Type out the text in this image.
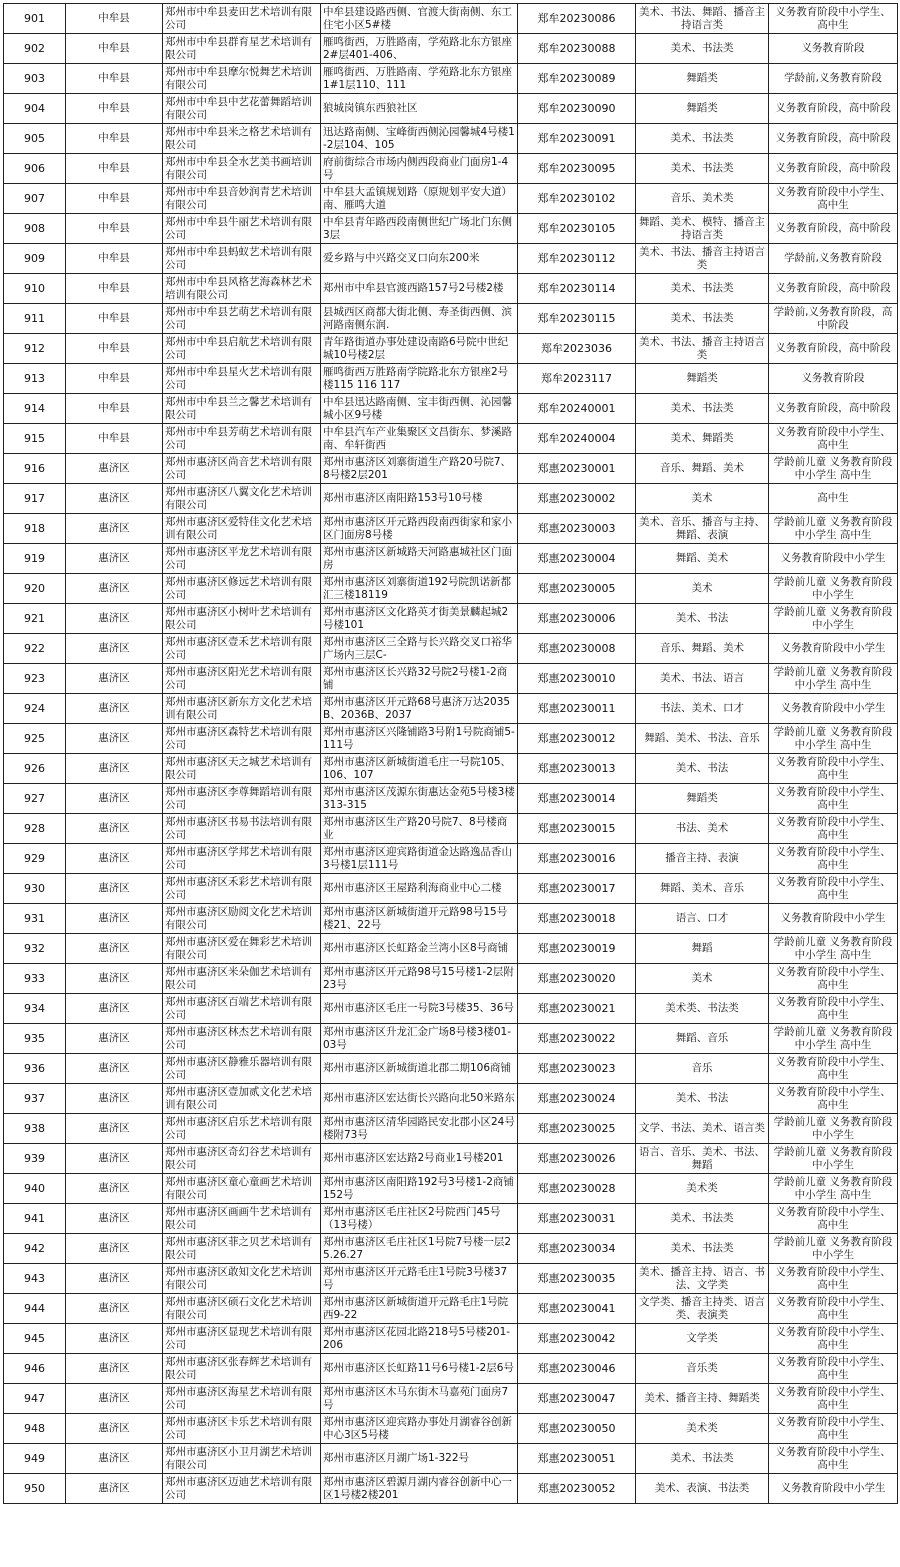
901	中牟县	郑州市中牟县麦田艺术培训有限公司	中牟县建设路西侧、官渡大街南侧、东工住宅小区5#楼	郑牟20230086	美术、书法、舞蹈、播音主持语言类	义务教育阶段中小学生、高中生
902	中牟县	郑州市中牟县群育星艺术培训有限公司	雁鸣街西，万胜路南，学苑路北东方银座2#层401-406、	郑牟20230088	美术、书法类	义务教育阶段
903	中牟县	郑州市中牟县摩尔悦舞艺术培训有限公司	雁鸣街西、万胜路南、学苑路北东方银座1#1层110、111	郑牟20230089	舞蹈类	学龄前,义务教育阶段
904	中牟县	郑州市中牟县中艺花蕾舞蹈培训有限公司	狼城岗镇东西狼社区	郑牟20230090	舞蹈类	义务教育阶段，高中阶段
905	中牟县	郑州市中牟县米之格艺术培训有限公司	迅达路南侧、宝峰街西侧沁园馨城4号楼1-2层104、105	郑牟20230091	美术、书法类	义务教育阶段，高中阶段
906	中牟县	郑州市中牟县全水艺美书画培训有限公司	府前街综合市场内侧西段商业门面房1-4号	郑牟20230095	美术、书法类	义务教育阶段，高中阶段
907	中牟县	郑州市中牟县音妙润青艺术培训有限公司	中牟县大孟镇规划路（原规划平安大道）南、雁鸣大道	郑牟20230102	音乐、美术类	义务教育阶段中小学生、高中生
908	中牟县	郑州市中牟县牛丽艺术培训有限公司	中牟县青年路西段南侧世纪广场北门东侧3层	郑牟20230105	舞蹈、美术、模特、播音主持语言类	义务教育阶段，高中阶段
909	中牟县	郑州市中牟县蚂蚁艺术培训有限公司	爱乡路与中兴路交叉口向东200米	郑牟20230112	美术、书法、播音主持语言类	学龄前,义务教育阶段
910	中牟县	郑州市中牟县风格艺海森林艺术培训有限公司	郑州市中牟县官渡西路157号2号楼2楼	郑牟20230114	美术、书法类	义务教育阶段，高中阶段
911	中牟县	郑州市中牟县艺萌艺术培训有限公司	县城西区商都大街北侧、寿圣街西侧、滨河路南侧东润.	郑牟20230115	美术、书法类	学龄前,义务教育阶段，高中阶段
912	中牟县	郑州市中牟县启航艺术培训有限公司	青年路街道办事处建设南路6号院中世纪城10号楼2层	郑牟2023036	美术、书法、播音主持语言类	义务教育阶段，高中阶段
913	中牟县	郑州市中牟县星火艺术培训有限公司	雁鸣街西万胜路南学院路北东方银座2号楼115 116 117	郑牟2023117	舞蹈类	义务教育阶段
914	中牟县	郑州市中牟县兰之馨艺术培训有限公司	中牟县迅达路南侧、宝丰街西侧、沁园馨城小区9号楼	郑牟20240001	美术、书法类	义务教育阶段，高中阶段
915	中牟县	郑州市中牟县芳萌艺术培训有限公司	中牟县汽车产业集聚区文昌街东、梦溪路南、牟轩街西	郑牟20240004	美术、舞蹈类	义务教育阶段中小学生、高中生
916	惠济区	郑州市惠济区尚音艺术培训有限公司	郑州市惠济区刘寨街道生产路20号院7、8号楼2层201	郑惠20230001	音乐、舞蹈、美术	学龄前儿童 义务教育阶段中小学生 高中生
917	惠济区	郑州市惠济区八翼文化艺术培训有限公司	郑州市惠济区南阳路153号10号楼	郑惠20230002	美术	高中生
918	惠济区	郑州市惠济区爱特佳文化艺术培训有限公司	郑州市惠济区开元路西段南西街家和家小区门面房8号楼	郑惠20230003	美术、音乐、播音与主持、舞蹈、表演	学龄前儿童 义务教育阶段中小学生 高中生
919	惠济区	郑州市惠济区平龙艺术培训有限公司	郑州市惠济区新城路天河路惠城社区门面房	郑惠20230004	舞蹈、美术	义务教育阶段中小学生
920	惠济区	郑州市惠济区修远艺术培训有限公司	郑州市惠济区刘寨街道192号院凯诺新都汇三楼18119	郑惠20230005	美术	学龄前儿童 义务教育阶段中小学生
921	惠济区	郑州市惠济区小树叶艺术培训有限公司	郑州市惠济区文化路英才街美景麟起城2号楼101	郑惠20230006	美术、书法	学龄前儿童 义务教育阶段中小学生
922	惠济区	郑州市惠济区壹禾艺术培训有限公司	郑州市惠济区三全路与长兴路交叉口裕华广场内三层C-	郑惠20230008	音乐、舞蹈、美术	义务教育阶段中小学生
923	惠济区	郑州市惠济区阳光艺术培训有限公司	郑州市惠济区长兴路32号院2号楼1-2商铺	郑惠20230010	美术、书法、语言	学龄前儿童 义务教育阶段中小学生 高中生
924	惠济区	郑州市惠济区新东方文化艺术培训有限公司	郑州市惠济区开元路68号惠济万达2035B、2036B、2037	郑惠20230011	书法、美术、口才	义务教育阶段中小学生
925	惠济区	郑州市惠济区森特艺术培训有限公司	郑州市惠济区兴隆铺路3号附1号院商铺5-111号	郑惠20230012	舞蹈、美术、书法、音乐	学龄前儿童 义务教育阶段中小学生 高中生
926	惠济区	郑州市惠济区天之城艺术培训有限公司	郑州市惠济区新城街道毛庄一号院105、106、107	郑惠20230013	美术、书法	义务教育阶段中小学生、高中生
927	惠济区	郑州市惠济区李尊舞蹈培训有限公司	郑州市惠济区茂源东街惠达金苑5号楼3楼313-315	郑惠20230014	舞蹈类	义务教育阶段中小学生、高中生
928	惠济区	郑州市惠济区书易书法培训有限公司	郑州市惠济区生产路20号院7、8号楼商业	郑惠20230015	书法、美术	义务教育阶段中小学生、高中生
929	惠济区	郑州市惠济区学邦艺术培训有限公司	郑州市惠济区迎宾路街道金达路逸品香山3号楼1层111号	郑惠20230016	播音主持、表演	义务教育阶段中小学生、高中生
930	惠济区	郑州市惠济区禾彩艺术培训有限公司	郑州市惠济区王屋路利海商业中心二楼	郑惠20230017	舞蹈、美术、音乐	义务教育阶段中小学生、高中生
931	惠济区	郑州市惠济区励阅文化艺术培训有限公司	郑州市惠济区新城街道开元路98号15号楼21、22号	郑惠20230018	语言、口才	义务教育阶段中小学生
932	惠济区	郑州市惠济区爱在舞彩艺术培训有限公司	郑州市惠济区长虹路金兰湾小区8号商铺	郑惠20230019	舞蹈	学龄前儿童 义务教育阶段中小学生 高中生
933	惠济区	郑州市惠济区米朵伽艺术培训有限公司	郑州市惠济区开元路98号15号楼1-2层附23号	郑惠20230020	美术	义务教育阶段中小学生、高中生
934	惠济区	郑州市惠济区百端艺术培训有限公司	郑州市惠济区毛庄一号院3号楼35、36号	郑惠20230021	美术类、书法类	义务教育阶段中小学生、高中生
935	惠济区	郑州市惠济区林杰艺术培训有限公司	郑州市惠济区升龙汇金广场8号楼3楼01-03号	郑惠20230022	舞蹈、音乐	学龄前儿童 义务教育阶段中小学生 高中生
936	惠济区	郑州市惠济区静雅乐器培训有限公司	郑州市惠济区新城街道北郡二期106商铺	郑惠20230023	音乐	义务教育阶段中小学生、高中生
937	惠济区	郑州市惠济区壹加贰文化艺术培训有限公司	郑州市惠济区宏达街长兴路向北50米路东	郑惠20230024	美术、书法	义务教育阶段中小学生、高中生
938	惠济区	郑州市惠济区启乐艺术培训有限公司	郑州市惠济区清华园路民安北郡小区24号楼附73号	郑惠20230025	文学、书法、美术、语言类	学龄前儿童 义务教育阶段中小学生
939	惠济区	郑州市惠济区奇幻谷艺术培训有限公司	郑州市惠济区宏达路2号商业1号楼201	郑惠20230026	语言、音乐、美术、书法、舞蹈	学龄前儿童 义务教育阶段中小学生
940	惠济区	郑州市惠济区童心童画艺术培训有限公司	郑州市惠济区南阳路192号3号楼1-2商铺152号	郑惠20230028	美术类	学龄前儿童 义务教育阶段中小学生 高中生
941	惠济区	郑州市惠济区画画牛艺术培训有限公司	郑州市惠济区毛庄社区2号院西门45号（13号楼）	郑惠20230031	美术、书法类	义务教育阶段中小学生、高中生
942	惠济区	郑州市惠济区菲之贝艺术培训有限公司	郑州市惠济区毛庄社区1号院7号楼一层25.26.27	郑惠20230034	美术、书法类	学龄前儿童 义务教育阶段中小学生
943	惠济区	郑州市惠济区敢知文化艺术培训有限公司	郑州市惠济区开元路毛庄1号院3号楼37号	郑惠20230035	美术、播音主持、语言、书法、文学类	义务教育阶段中小学生、高中生
944	惠济区	郑州市惠济区硕石文化艺术培训有限公司	郑州市惠济区新城街道开元路毛庄1号院西9-22	郑惠20230041	文学类、播音主持类、语言类、表演类	义务教育阶段中小学生、高中生
945	惠济区	郑州市惠济区显现艺术培训有限公司	郑州市惠济区花园北路218号5号楼201-206	郑惠20230042	文学类	义务教育阶段中小学生、高中生
946	惠济区	郑州市惠济区张春辉艺术培训有限公司	郑州市惠济区长虹路11号6号楼1-2层6号	郑惠20230046	音乐类	义务教育阶段中小学生、高中生
947	惠济区	郑州市惠济区海星艺术培训有限公司	郑州市惠济区木马东街木马嘉苑门面房7号	郑惠20230047	美术、播音主持、舞蹈类	义务教育阶段中小学生、高中生
948	惠济区	郑州市惠济区卡乐艺术培训有限公司	郑州市惠济区迎宾路办事处月湖睿谷创新中心3区5号楼	郑惠20230050	美术类	义务教育阶段中小学生、高中生
949	惠济区	郑州市惠济区小卫月湖艺术培训有限公司	郑州市惠济区月湖广场1-322号	郑惠20230051	美术、书法类	义务教育阶段中小学生、高中生
950	惠济区	郑州市惠济区迈迪艺术培训有限公司	郑州市惠济区碧源月湖内睿谷创新中心一区1号楼2楼201	郑惠20230052	美术、表演、书法类	义务教育阶段中小学生
